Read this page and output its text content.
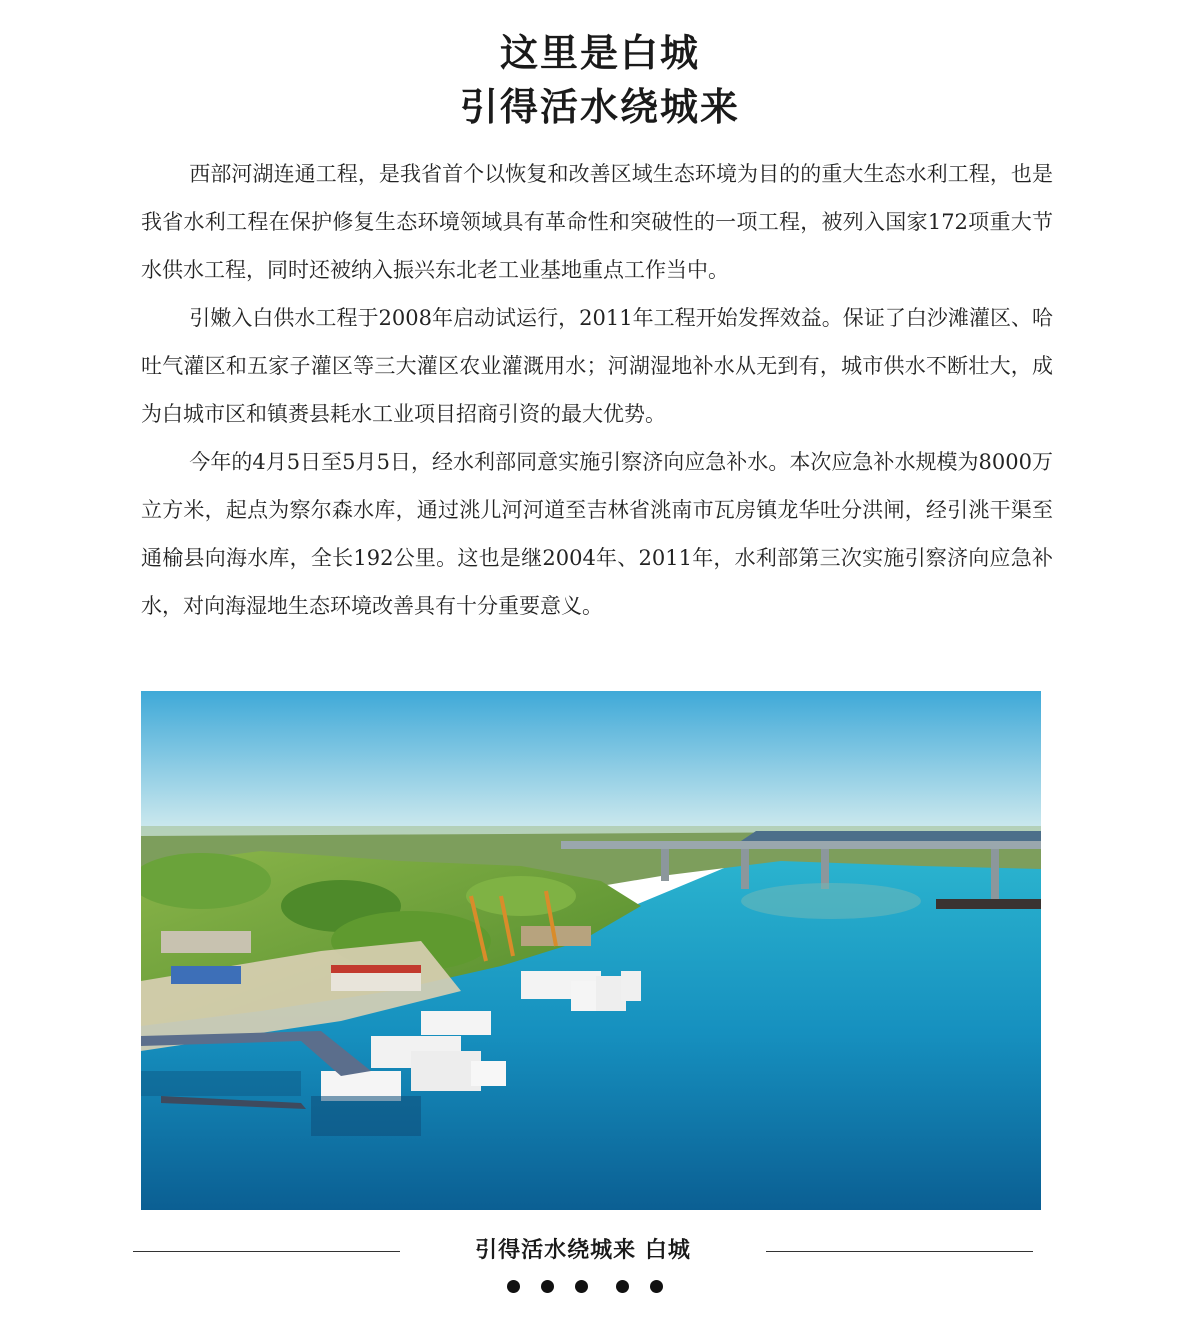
这里是白城
引得活水绕城来

西部河湖连通工程，是我省首个以恢复和改善区域生态环境为目的的重大生态水利工程，也是我省水利工程在保护修复生态环境领域具有革命性和突破性的一项工程，被列入国家172项重大节水供水工程，同时还被纳入振兴东北老工业基地重点工作当中。

引嫩入白供水工程于2008年启动试运行，2011年工程开始发挥效益。保证了白沙滩灌区、哈吐气灌区和五家子灌区等三大灌区农业灌溉用水；河湖湿地补水从无到有，城市供水不断壮大，成为白城市区和镇赉县耗水工业项目招商引资的最大优势。

今年的4月5日至5月5日，经水利部同意实施引察济向应急补水。本次应急补水规模为8000万立方米，起点为察尔森水库，通过洮儿河河道至吉林省洮南市瓦房镇龙华吐分洪闸，经引洮干渠至通榆县向海水库，全长192公里。这也是继2004年、2011年，水利部第三次实施引察济向应急补水，对向海湿地生态环境改善具有十分重要意义。

引得活水绕城来 白城
